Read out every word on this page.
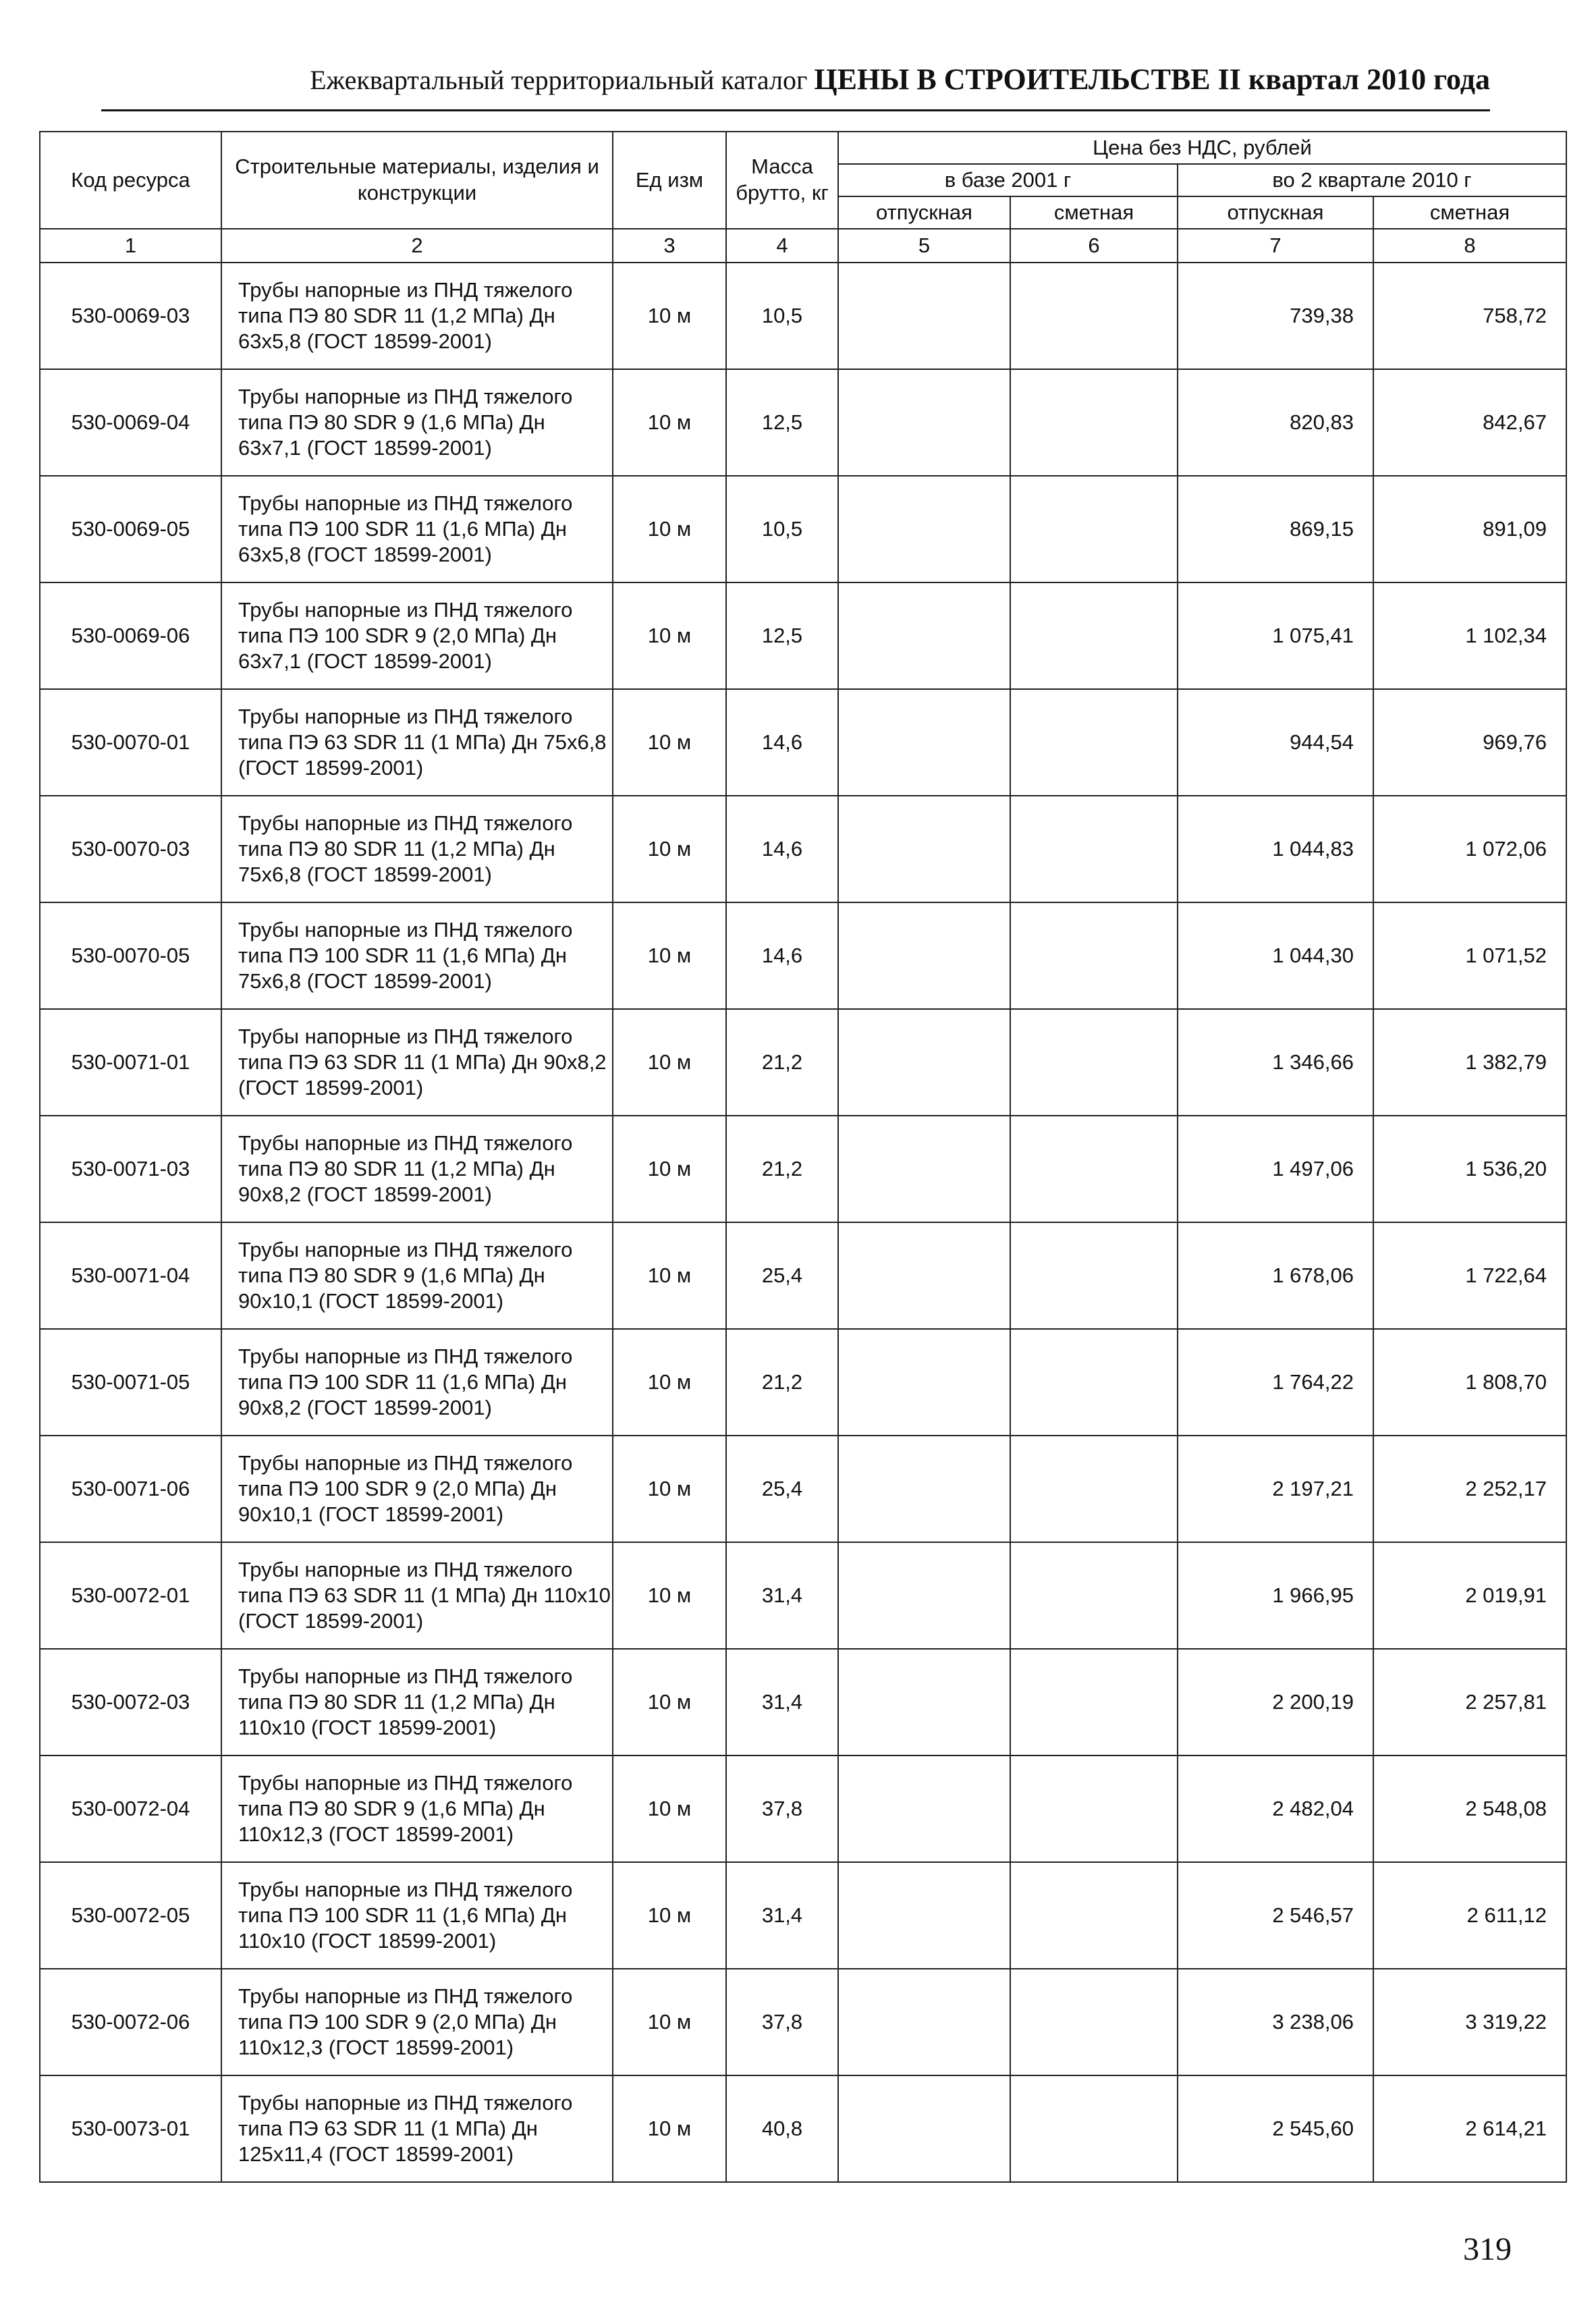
Ежеквартальный территориальный каталог ЦЕНЫ В СТРОИТЕЛЬСТВЕ II квартал 2010 года
Код ресурса	Строительные материалы, изделия и конструкции	Ед изм	Масса брутто, кг	Цена без НДС, рублей			
				в базе 2001 г		во 2 квартале 2010 г	
				отпускная	сметная	отпускная	сметная
1	2	3	4	5	6	7	8
530-0069-03	Трубы напорные из ПНД тяжелого типа ПЭ 80 SDR 11 (1,2 МПа) Дн 63х5,8 (ГОСТ 18599-2001)	10 м	10,5			739,38	758,72
530-0069-04	Трубы напорные из ПНД тяжелого типа ПЭ 80 SDR 9 (1,6 МПа) Дн 63х7,1 (ГОСТ 18599-2001)	10 м	12,5			820,83	842,67
530-0069-05	Трубы напорные из ПНД тяжелого типа ПЭ 100 SDR 11 (1,6 МПа) Дн 63х5,8 (ГОСТ 18599-2001)	10 м	10,5			869,15	891,09
530-0069-06	Трубы напорные из ПНД тяжелого типа ПЭ 100 SDR 9 (2,0 МПа) Дн 63х7,1 (ГОСТ 18599-2001)	10 м	12,5			1 075,41	1 102,34
530-0070-01	Трубы напорные из ПНД тяжелого типа ПЭ 63 SDR 11 (1 МПа) Дн 75х6,8 (ГОСТ 18599-2001)	10 м	14,6			944,54	969,76
530-0070-03	Трубы напорные из ПНД тяжелого типа ПЭ 80 SDR 11 (1,2 МПа) Дн 75х6,8 (ГОСТ 18599-2001)	10 м	14,6			1 044,83	1 072,06
530-0070-05	Трубы напорные из ПНД тяжелого типа ПЭ 100 SDR 11 (1,6 МПа) Дн 75х6,8 (ГОСТ 18599-2001)	10 м	14,6			1 044,30	1 071,52
530-0071-01	Трубы напорные из ПНД тяжелого типа ПЭ 63 SDR 11 (1 МПа) Дн 90х8,2 (ГОСТ 18599-2001)	10 м	21,2			1 346,66	1 382,79
530-0071-03	Трубы напорные из ПНД тяжелого типа ПЭ 80 SDR 11 (1,2 МПа) Дн 90х8,2 (ГОСТ 18599-2001)	10 м	21,2			1 497,06	1 536,20
530-0071-04	Трубы напорные из ПНД тяжелого типа ПЭ 80 SDR 9 (1,6 МПа) Дн 90х10,1 (ГОСТ 18599-2001)	10 м	25,4			1 678,06	1 722,64
530-0071-05	Трубы напорные из ПНД тяжелого типа ПЭ 100 SDR 11 (1,6 МПа) Дн 90х8,2 (ГОСТ 18599-2001)	10 м	21,2			1 764,22	1 808,70
530-0071-06	Трубы напорные из ПНД тяжелого типа ПЭ 100 SDR 9 (2,0 МПа) Дн 90х10,1 (ГОСТ 18599-2001)	10 м	25,4			2 197,21	2 252,17
530-0072-01	Трубы напорные из ПНД тяжелого типа ПЭ 63 SDR 11 (1 МПа) Дн 110х10 (ГОСТ 18599-2001)	10 м	31,4			1 966,95	2 019,91
530-0072-03	Трубы напорные из ПНД тяжелого типа ПЭ 80 SDR 11 (1,2 МПа) Дн 110х10 (ГОСТ 18599-2001)	10 м	31,4			2 200,19	2 257,81
530-0072-04	Трубы напорные из ПНД тяжелого типа ПЭ 80 SDR 9 (1,6 МПа) Дн 110х12,3 (ГОСТ 18599-2001)	10 м	37,8			2 482,04	2 548,08
530-0072-05	Трубы напорные из ПНД тяжелого типа ПЭ 100 SDR 11 (1,6 МПа) Дн 110х10 (ГОСТ 18599-2001)	10 м	31,4			2 546,57	2 611,12
530-0072-06	Трубы напорные из ПНД тяжелого типа ПЭ 100 SDR 9 (2,0 МПа) Дн 110х12,3 (ГОСТ 18599-2001)	10 м	37,8			3 238,06	3 319,22
530-0073-01	Трубы напорные из ПНД тяжелого типа ПЭ 63 SDR 11 (1 МПа) Дн 125х11,4 (ГОСТ 18599-2001)	10 м	40,8			2 545,60	2 614,21
319
